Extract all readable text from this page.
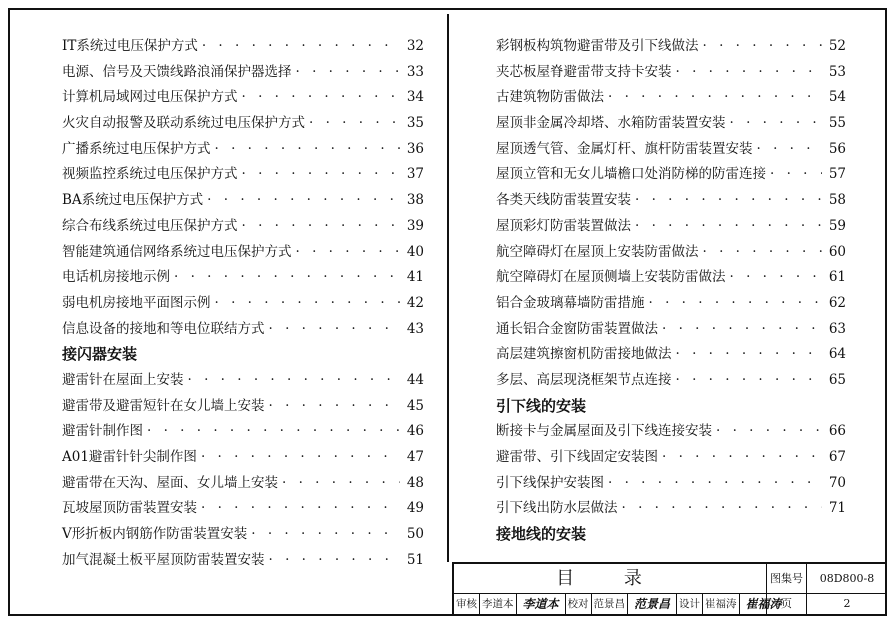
IT系统过电压保护方式 · · ·	32
电源、信号及天馈线路浪涌保护器选择 · · ·	33
计算机局域网过电压保护方式 · · ·	34
火灾自动报警及联动系统过电压保护方式 · · ·	35
广播系统过电压保护方式 · · ·	36
视频监控系统过电压保护方式 · · ·	37
BA系统过电压保护方式 · · ·	38
综合布线系统过电压保护方式 · · ·	39
智能建筑通信网络系统过电压保护方式 · · ·	40
电话机房接地示例 · · ·	41
弱电机房接地平面图示例 · · ·	42
信息设备的接地和等电位联结方式 · · ·	43
接闪器安装
避雷针在屋面上安装 · · ·	44
避雷带及避雷短针在女儿墙上安装 · · ·	45
避雷针制作图 · · ·	46
A01避雷针针尖制作图 · · ·	47
避雷带在天沟、屋面、女儿墙上安装 · · ·	48
瓦坡屋顶防雷装置安装 · · ·	49
V形折板内钢筋作防雷装置安装 · · ·	50
加气混凝土板平屋顶防雷装置安装 · · ·	51
彩钢板构筑物避雷带及引下线做法 · · ·	52
夹芯板屋脊避雷带支持卡安装 · · ·	53
古建筑物防雷做法 · · ·	54
屋顶非金属冷却塔、水箱防雷装置安装 · · ·	55
屋顶透气管、金属灯杆、旗杆防雷装置安装 · · ·	56
屋顶立管和无女儿墙檐口处消防梯的防雷连接 · · ·	57
各类天线防雷装置安装 · · ·	58
屋顶彩灯防雷装置做法 · · ·	59
航空障碍灯在屋顶上安装防雷做法 · · ·	60
航空障碍灯在屋顶侧墙上安装防雷做法 · · ·	61
铝合金玻璃幕墙防雷措施 · · ·	62
通长铝合金窗防雷装置做法 · · ·	63
高层建筑擦窗机防雷接地做法 · · ·	64
多层、高层现浇框架节点连接 · · ·	65
引下线的安装
断接卡与金属屋面及引下线连接安装 · · ·	66
避雷带、引下线固定安装图 · · ·	67
引下线保护安装图 · · ·	70
引下线出防水层做法 · · ·	71
接地线的安装
目 录	图集号	08D800-8
审核 李道本 李道本 校对 范景昌 范景昌 设计 崔福涛 崔福涛 页	2
